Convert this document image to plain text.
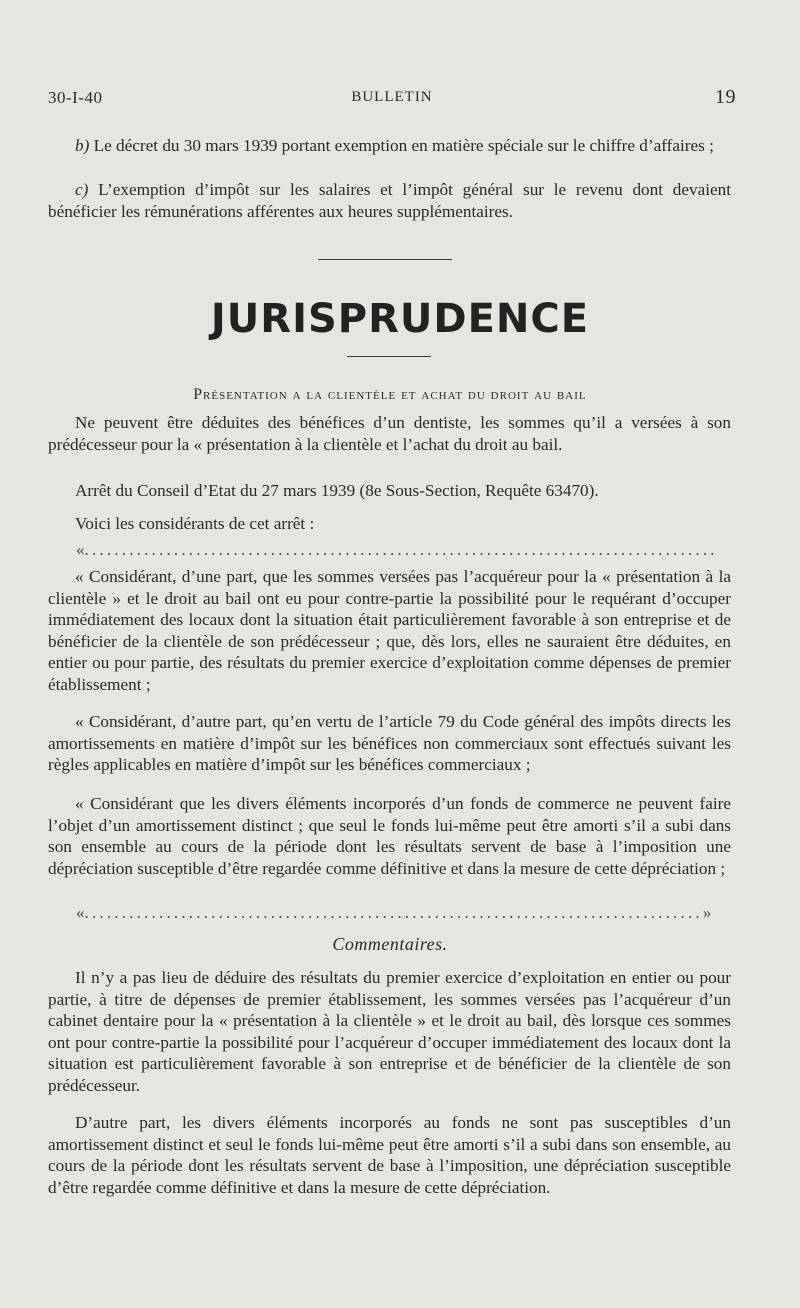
30-I-40	BULLETIN	19

b) Le décret du 30 mars 1939 portant exemption en matière spéciale sur le chiffre d’affaires ;

c) L’exemption d’impôt sur les salaires et l’impôt général sur le revenu dont devaient bénéficier les rémunérations afférentes aux heures supplémentaires.

JURISPRUDENCE
Présentation a la clientèle et achat du droit au bail

Ne peuvent être déduites des bénéfices d’un dentiste, les sommes qu’il a versées à son prédécesseur pour la « présentation à la clientèle et l’achat du droit au bail.

Arrêt du Conseil d’Etat du 27 mars 1939 (8e Sous-Section, Requête 63470).

Voici les considérants de cet arrêt :

«.....................................................................................

« Considérant, d’une part, que les sommes versées pas l’acquéreur pour la « présentation à la clientèle » et le droit au bail ont eu pour contre-partie la possibilité pour le requérant d’occuper immédiatement des locaux dont la situation était particulièrement favorable à son entreprise et de bénéficier de la clientèle de son prédécesseur ; que, dès lors, elles ne sauraient être déduites, en entier ou pour partie, des résultats du premier exercice d’exploitation comme dépenses de premier établissement ;

« Considérant, d’autre part, qu’en vertu de l’article 79 du Code général des impôts directs les amortissements en matière d’impôt sur les bénéfices non commerciaux sont effectués suivant les règles applicables en matière d’impôt sur les bénéfices commerciaux ;

« Considérant que les divers éléments incorporés d’un fonds de commerce ne peuvent faire l’objet d’un amortissement distinct ; que seul le fonds lui-même peut être amorti s’il a subi dans son ensemble au cours de la période dont les résultats servent de base à l’imposition une dépréciation susceptible d’être regardée comme définitive et dans la mesure de cette dépréciation ;

«...................................................................................»
Commentaires.

Il n’y a pas lieu de déduire des résultats du premier exercice d’exploitation en entier ou pour partie, à titre de dépenses de premier établissement, les sommes versées pas l’acquéreur d’un cabinet dentaire pour la « présentation à la clientèle » et le droit au bail, dès lorsque ces sommes ont pour contre-partie la possibilité pour l’acquéreur d’occuper immédiatement des locaux dont la situation est particulièrement favorable à son entreprise et de bénéficier de la clientèle de son prédécesseur.

D’autre part, les divers éléments incorporés au fonds ne sont pas susceptibles d’un amortissement distinct et seul le fonds lui-même peut être amorti s’il a subi dans son ensemble, au cours de la période dont les résultats servent de base à l’imposition, une dépréciation susceptible d’être regardée comme définitive et dans la mesure de cette dépréciation.
